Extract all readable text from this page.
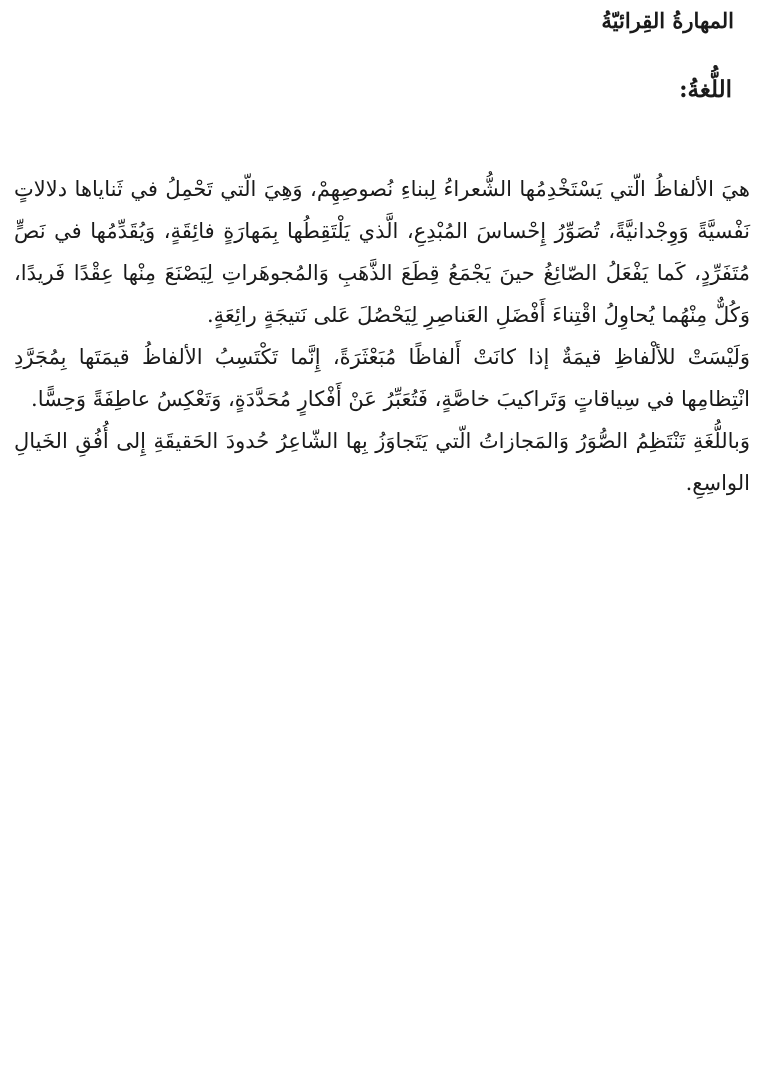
المهارةُ القِرائيّةُ
اللُّغةُ:

هيَ الألفاظُ الّتي يَسْتَخْدِمُها الشُّعراءُ لِبناءِ نُصوصِهِمْ، وَهِيَ الّتي تَحْمِلُ في ثَناياها دلالاتٍ نَفْسيَّةً وَوِجْدانيَّةً، تُصَوِّرُ إِحْساسَ المُبْدِعِ، الَّذي يَلْتَقِطُها بِمَهارَةٍ فائِقَةٍ، وَيُقَدِّمُها في نَصٍّ مُتَفَرِّدٍ، كَما يَفْعَلُ الصّائِغُ حينَ يَجْمَعُ قِطَعَ الذَّهَبِ وَالمُجوهَراتِ لِيَصْنَعَ مِنْها عِقْدًا فَريدًا، وَكُلٌّ مِنْهُما يُحاوِلُ اقْتِناءَ أَفْضَلِ العَناصِرِ لِيَحْصُلَ عَلى نَتيجَةٍ رائِعَةٍ.

وَلَيْسَتْ للألْفاظِ قيمَةٌ إذا كانَتْ أَلفاظًا مُبَعْثَرَةً، إِنَّما تَكْتَسِبُ الألفاظُ قيمَتَها بِمُجَرَّدِ انْتِظامِها في سِياقاتٍ وَتَراكيبَ خاصَّةٍ، فَتُعَبِّرُ عَنْ أَفْكارٍ مُحَدَّدَةٍ، وَتَعْكِسُ عاطِفَةً وَحِسًّا.

وَباللُّغَةِ تَنْتَظِمُ الصُّوَرُ وَالمَجازاتُ الّتي يَتَجاوَزُ بِها الشّاعِرُ حُدودَ الحَقيقَةِ إِلى أُفُقِ الخَيالِ الواسِعِ.
